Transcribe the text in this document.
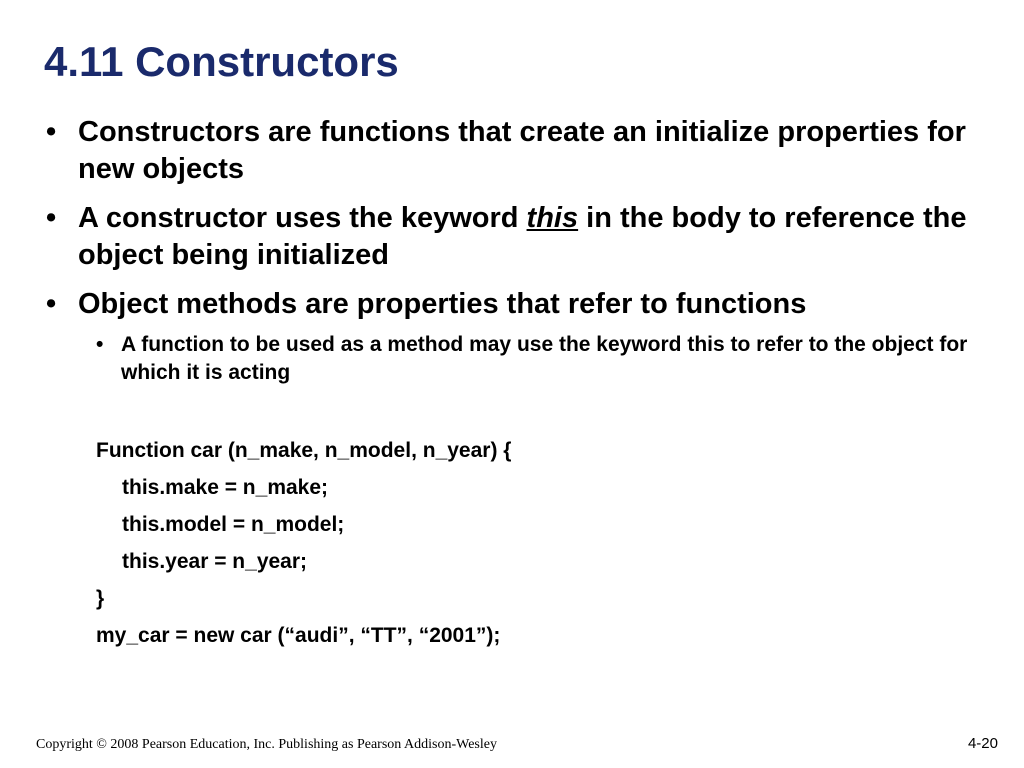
4.11 Constructors
• Constructors are functions that create an initialize properties for new objects
• A constructor uses the keyword this in the body to reference the object being initialized
• Object methods are properties that refer to functions
• A function to be used as a method may use the keyword this to refer to the object for which it is acting
Function car (n_make, n_model, n_year) {
this.make = n_make;
this.model = n_model;
this.year = n_year;
}
my_car = new car (“audi”, “TT”, “2001”);
Copyright © 2008 Pearson Education, Inc. Publishing as Pearson Addison-Wesley	4-20
